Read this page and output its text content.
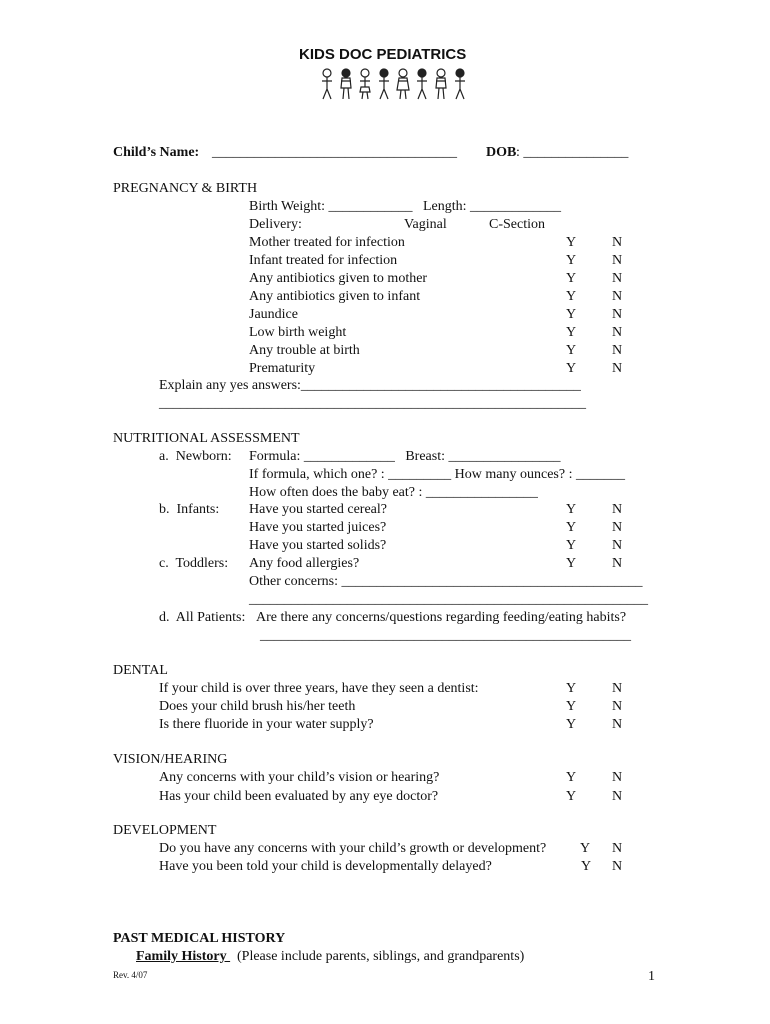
KIDS DOC PEDIATRICS
Child’s Name: ___________________________________ DOB : _______________
PREGNANCY & BIRTH
Birth Weight: ____________   Length: _____________
Delivery:	Vaginal	C-Section
Mother treated for infection	Y	N
Infant treated for infection	Y	N
Any antibiotics given to mother	Y	N
Any antibiotics given to infant	Y	N
Jaundice	Y	N
Low birth weight	Y	N
Any trouble at birth	Y	N
Prematurity	Y	N
Explain any yes answers:________________________________________
_____________________________________________________________
NUTRITIONAL ASSESSMENT
a.  Newborn: Formula: _____________   Breast: ________________
If formula, which one? : _________ How many ounces? : _______
How often does the baby eat? : ________________
b.  Infants: Have you started cereal?	Y	N
Have you started juices?	Y	N
Have you started solids?	Y	N
c.  Toddlers: Any food allergies?	Y	N
Other concerns: ___________________________________________
_________________________________________________________
d.  All Patients: Are there any concerns/questions regarding feeding/eating habits?
_____________________________________________________
DENTAL
If your child is over three years, have they seen a dentist:	Y	N
Does your child brush his/her teeth	Y	N
Is there fluoride in your water supply?	Y	N
VISION/HEARING
Any concerns with your child’s vision or hearing?	Y	N
Has your child been evaluated by any eye doctor?	Y	N
DEVELOPMENT
Do you have any concerns with your child’s growth or development? Y N
Have you been told your child is developmentally delayed?	Y N
PAST MEDICAL HISTORY
Family History (Please include parents, siblings, and grandparents)
Rev. 4/07	1
